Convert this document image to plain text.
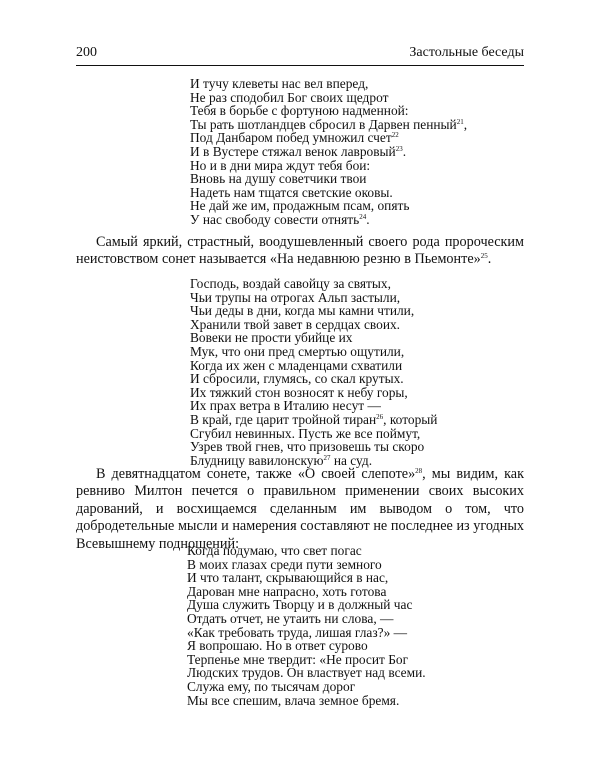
200	Застольные беседы
И тучу клеветы нас вел вперед,
Не раз сподобил Бог своих щедрот
Тебя в борьбе с фортуною надменной:
Ты рать шотландцев сбросил в Дарвен пенный$^{21}$,
Под Данбаром побед умножил счет$^{22}$
И в Вустере стяжал венок лавровый$^{23}$.
Но и в дни мира ждут тебя бои:
Вновь на душу советчики твои
Надеть нам тщатся светские оковы.
Не дай же им, продажным псам, опять
У нас свободу совести отнять$^{24}$.

Самый яркий, страстный, воодушевленный своего рода пророческим неистовством сонет называется «На недавнюю резню в Пьемонте»$^{25}$.

Господь, воздай савойцу за святых,
Чьи трупы на отрогах Альп застыли,
Чьи деды в дни, когда мы камни чтили,
Хранили твой завет в сердцах своих.
Вовеки не прости убийце их
Мук, что они пред смертью ощутили,
Когда их жен с младенцами схватили
И сбросили, глумясь, со скал крутых.
Их тяжкий стон возносят к небу горы,
Их прах ветра в Италию несут —
В край, где царит тройной тиран$^{26}$, который
Сгубил невинных. Пусть же все поймут,
Узрев твой гнев, что призовешь ты скоро
Блудницу вавилонскую$^{27}$ на суд.

В девятнадцатом сонете, также «О своей слепоте»$^{28}$, мы видим, как ревниво Милтон печется о правильном применении своих высоких дарований, и восхищаемся сделанным им выводом о том, что добродетельные мысли и намерения составляют не последнее из угодных Всевышнему подношений:

Когда подумаю, что свет погас
В моих глазах среди пути земного
И что талант, скрывающийся в нас,
Дарован мне напрасно, хоть готова
Душа служить Творцу и в должный час
Отдать отчет, не утаить ни слова, —
«Как требовать труда, лишая глаз?» —
Я вопрошаю. Но в ответ сурово
Терпенье мне твердит: «Не просит Бог
Людских трудов. Он властвует над всеми.
Служа ему, по тысячам дорог
Мы все спешим, влача земное бремя.
